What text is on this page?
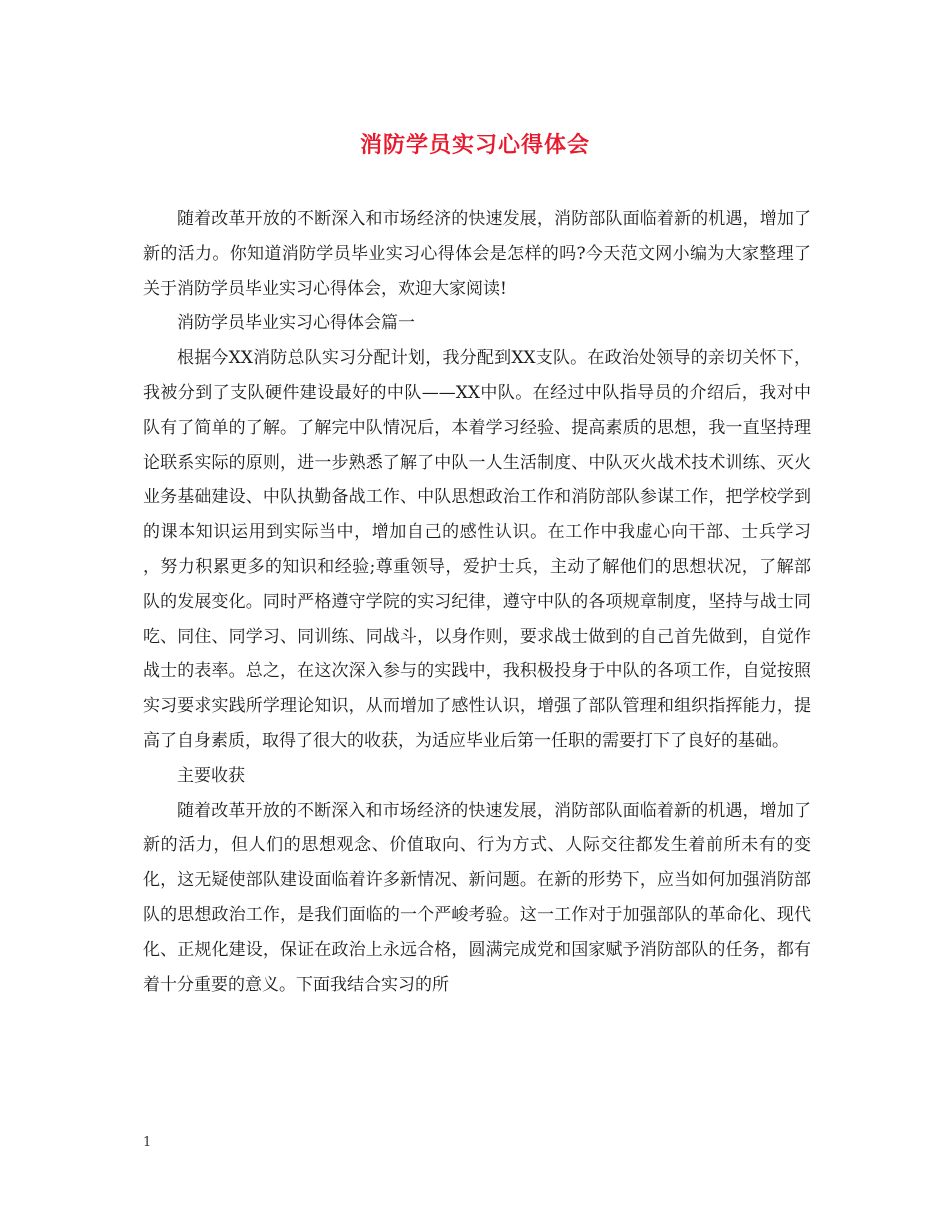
消防学员实习心得体会

随着改革开放的不断深入和市场经济的快速发展，消防部队面临着新的机遇，增加了新的活力。你知道消防学员毕业实习心得体会是怎样的吗?今天范文网小编为大家整理了关于消防学员毕业实习心得体会，欢迎大家阅读!

消防学员毕业实习心得体会篇一

根据今XX消防总队实习分配计划，我分配到XX支队。在政治处领导的亲切关怀下，我被分到了支队硬件建设最好的中队——XX中队。在经过中队指导员的介绍后，我对中队有了简单的了解。了解完中队情况后，本着学习经验、提高素质的思想，我一直坚持理论联系实际的原则，进一步熟悉了解了中队一人生活制度、中队灭火战术技术训练、灭火业务基础建设、中队执勤备战工作、中队思想政治工作和消防部队参谋工作，把学校学到的课本知识运用到实际当中，增加自己的感性认识。在工作中我虚心向干部、士兵学习 ，努力积累更多的知识和经验;尊重领导，爱护士兵，主动了解他们的思想状况，了解部队的发展变化。同时严格遵守学院的实习纪律，遵守中队的各项规章制度，坚持与战士同吃、同住、同学习、同训练、同战斗，以身作则，要求战士做到的自己首先做到，自觉作战士的表率。总之，在这次深入参与的实践中，我积极投身于中队的各项工作，自觉按照实习要求实践所学理论知识，从而增加了感性认识，增强了部队管理和组织指挥能力，提高了自身素质，取得了很大的收获，为适应毕业后第一任职的需要打下了良好的基础。

主要收获

随着改革开放的不断深入和市场经济的快速发展，消防部队面临着新的机遇，增加了新的活力，但人们的思想观念、价值取向、行为方式、人际交往都发生着前所未有的变化，这无疑使部队建设面临着许多新情况、新问题。在新的形势下，应当如何加强消防部队的思想政治工作，是我们面临的一个严峻考验。这一工作对于加强部队的革命化、现代化、正规化建设，保证在政治上永远合格，圆满完成党和国家赋予消防部队的任务，都有着十分重要的意义。下面我结合实习的所

1
